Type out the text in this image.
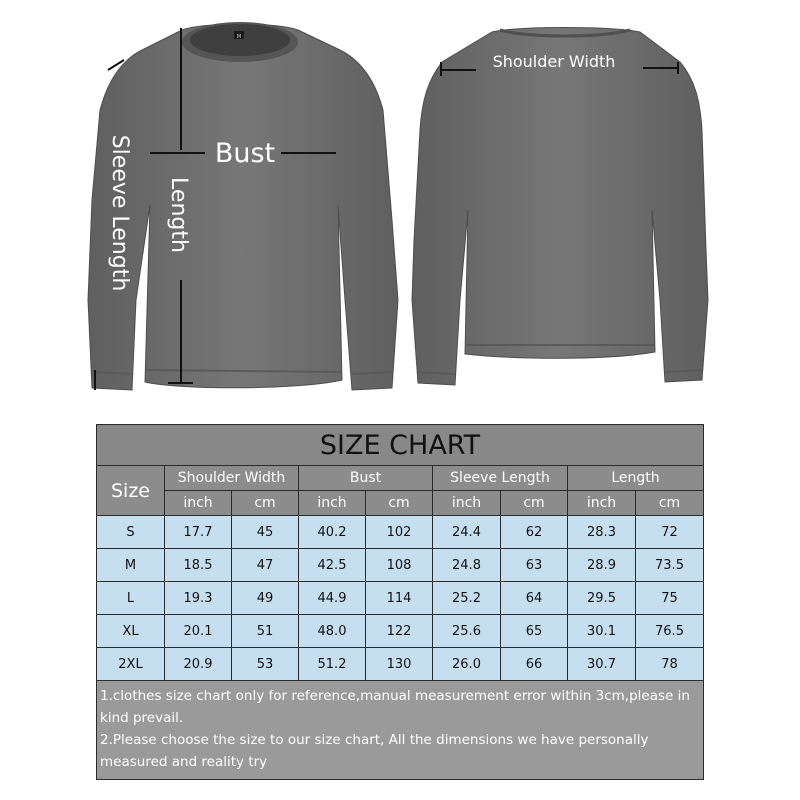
M
Bust
Length
Sleeve Length
Shoulder Width
SIZE CHART								
Size	Shoulder Width		Bust		Sleeve Length		Length	
	inch	cm	inch	cm	inch	cm	inch	cm
S	17.7	45	40.2	102	24.4	62	28.3	72
M	18.5	47	42.5	108	24.8	63	28.9	73.5
L	19.3	49	44.9	114	25.2	64	29.5	75
XL	20.1	51	48.0	122	25.6	65	30.1	76.5
2XL	20.9	53	51.2	130	26.0	66	30.7	78

1.clothes size chart only for reference,manual measurement error within 3cm,please in kind prevail.
2.Please choose the size to our size chart, All the dimensions we have personally measured and reality try								
